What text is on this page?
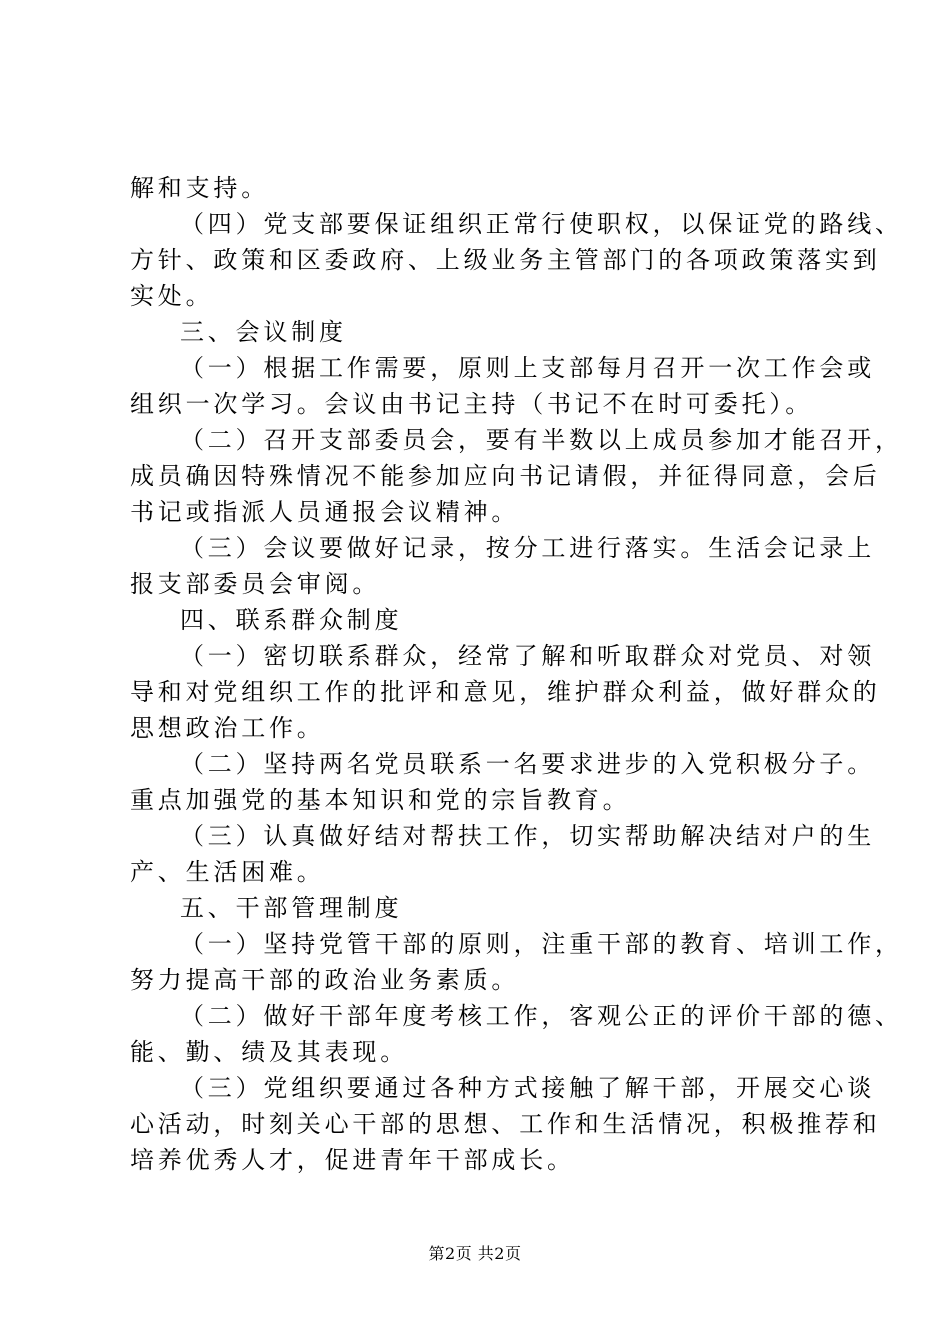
解和支持。
（四）党支部要保证组织正常行使职权，以保证党的路线、
方针、政策和区委政府、上级业务主管部门的各项政策落实到
实处。
三、会议制度
（一）根据工作需要，原则上支部每月召开一次工作会或
组织一次学习。会议由书记主持（书记不在时可委托）。
（二）召开支部委员会，要有半数以上成员参加才能召开，
成员确因特殊情况不能参加应向书记请假，并征得同意，会后
书记或指派人员通报会议精神。
（三）会议要做好记录，按分工进行落实。生活会记录上
报支部委员会审阅。
四、联系群众制度
（一）密切联系群众，经常了解和听取群众对党员、对领
导和对党组织工作的批评和意见，维护群众利益，做好群众的
思想政治工作。
（二）坚持两名党员联系一名要求进步的入党积极分子。
重点加强党的基本知识和党的宗旨教育。
（三）认真做好结对帮扶工作，切实帮助解决结对户的生
产、生活困难。
五、干部管理制度
（一）坚持党管干部的原则，注重干部的教育、培训工作，
努力提高干部的政治业务素质。
（二）做好干部年度考核工作，客观公正的评价干部的德、
能、勤、绩及其表现。
（三）党组织要通过各种方式接触了解干部，开展交心谈
心活动，时刻关心干部的思想、工作和生活情况，积极推荐和
培养优秀人才，促进青年干部成长。
第2页 共2页
